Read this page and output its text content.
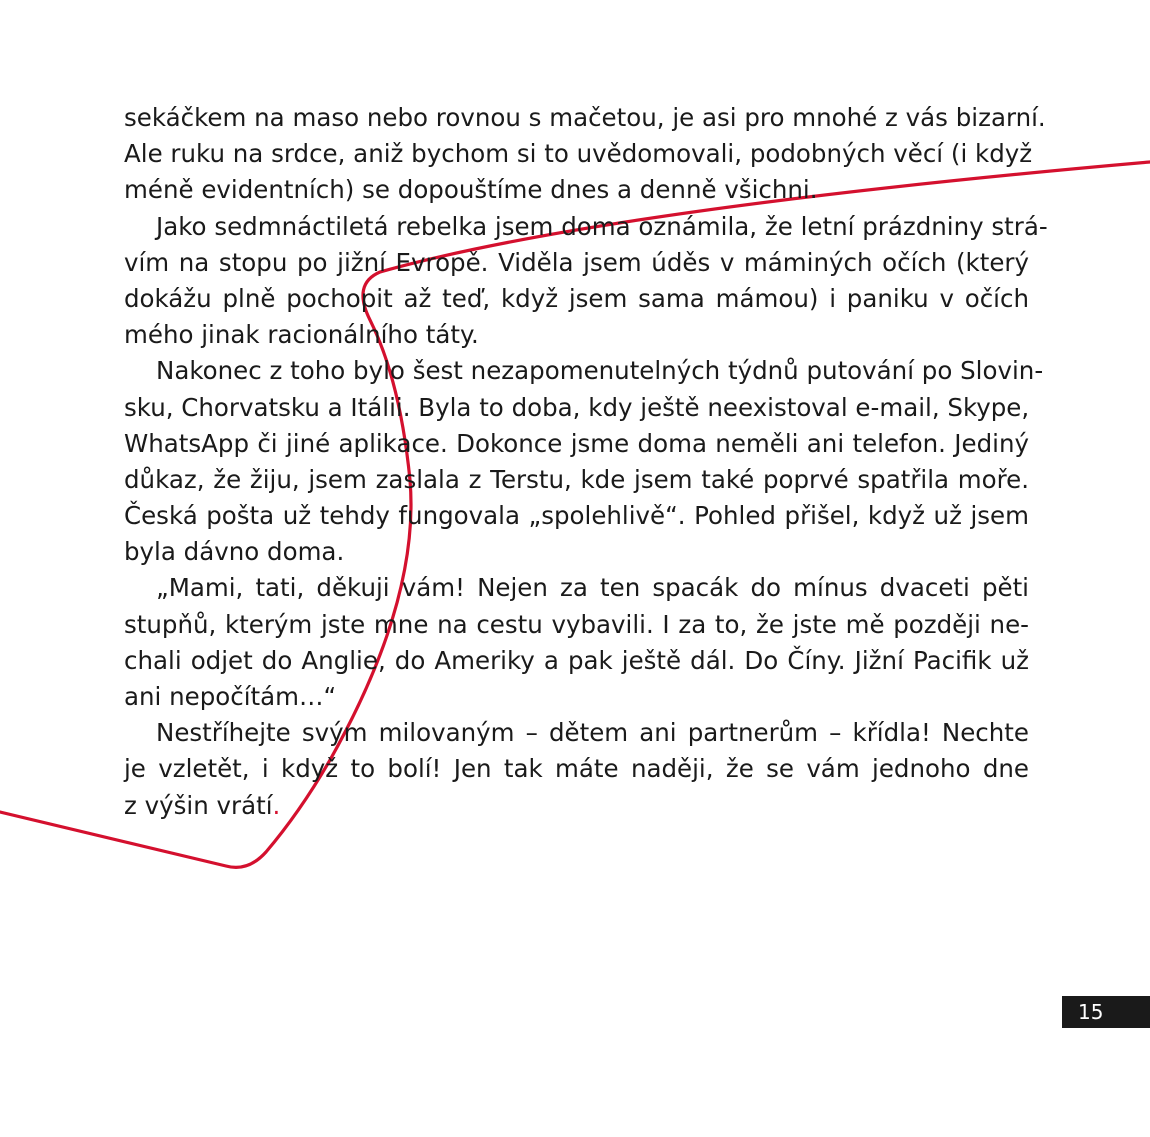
sekáčkem na maso nebo rovnou s mačetou, je asi pro mnohé z vás bizarní.
Ale ruku na srdce, aniž bychom si to uvědomovali, podobných věcí (i když
méně evidentních) se dopouštíme dnes a denně všichni.
Jako sedmnáctiletá rebelka jsem doma oznámila, že letní prázdniny strá-
vím na stopu po jižní Evropě. Viděla jsem úděs v máminých očích (který
dokážu plně pochopit až teď, když jsem sama mámou) i paniku v očích
mého jinak racionálního táty.
Nakonec z toho bylo šest nezapomenutelných týdnů putování po Slovin-
sku, Chorvatsku a Itálii. Byla to doba, kdy ještě neexistoval e-mail, Skype,
WhatsApp či jiné aplikace. Dokonce jsme doma neměli ani telefon. Jediný
důkaz, že žiju, jsem zaslala z Terstu, kde jsem také poprvé spatřila moře.
Česká pošta už tehdy fungovala „spolehlivě“. Pohled přišel, když už jsem
byla dávno doma.
„Mami, tati, děkuji vám! Nejen za ten spacák do mínus dvaceti pěti
stupňů, kterým jste mne na cestu vybavili. I za to, že jste mě později ne-
chali odjet do Anglie, do Ameriky a pak ještě dál. Do Číny. Jižní Pacifik už
ani nepočítám…“
Nestříhejte svým milovaným – dětem ani partnerům – křídla! Nechte
je vzletět, i když to bolí! Jen tak máte naději, že se vám jednoho dne
z výšin vrátí.
15
